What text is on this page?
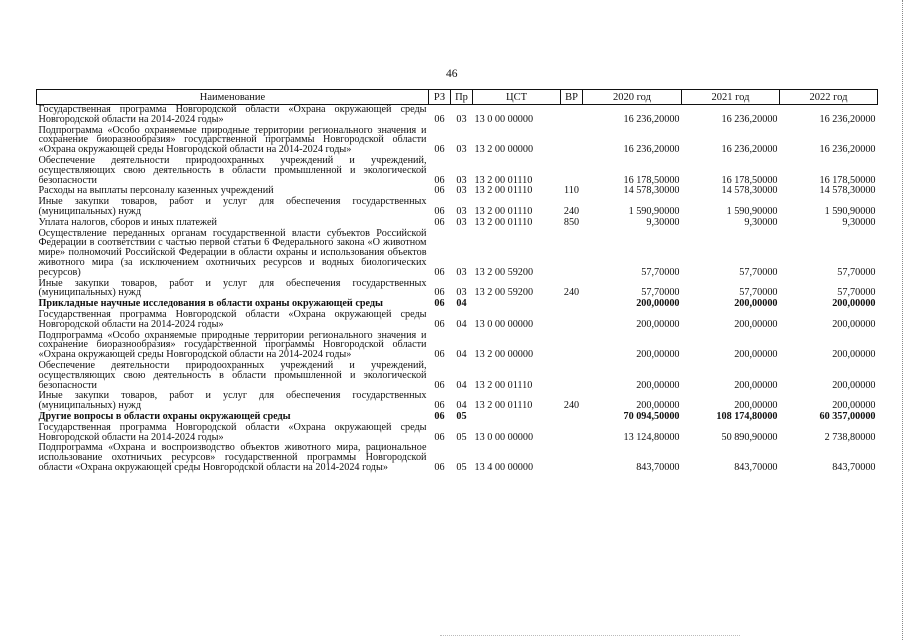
46
Наименование	РЗ	Пр	ЦСТ	ВР	2020 год	2021 год	2022 год
Государственная программа Новгородской области «Охрана окружающей среды Новгородской области на 2014-2024 годы»	06	03	13 0 00 00000		16 236,20000	16 236,20000	16 236,20000
Подпрограмма «Особо охраняемые природные территории регионального значения и сохранение биоразнообразия» государственной программы Новгородской области «Охрана окружающей среды Новгородской области на 2014-2024 годы»	06	03	13 2 00 00000		16 236,20000	16 236,20000	16 236,20000
Обеспечение деятельности природоохранных учреждений и учреждений, осуществляющих свою деятельность в области промышленной и экологической безопасности	06	03	13 2 00 01110		16 178,50000	16 178,50000	16 178,50000
Расходы на выплаты персоналу казенных учреждений	06	03	13 2 00 01110	110	14 578,30000	14 578,30000	14 578,30000
Иные закупки товаров, работ и услуг для обеспечения государственных (муниципальных) нужд	06	03	13 2 00 01110	240	1 590,90000	1 590,90000	1 590,90000
Уплата налогов, сборов и иных платежей	06	03	13 2 00 01110	850	9,30000	9,30000	9,30000
Осуществление переданных органам государственной власти субъектов Российской Федерации в соответствии с частью первой статьи 6 Федерального закона «О животном мире» полномочий Российской Федерации в области охраны и использования объектов животного мира (за исключением охотничьих ресурсов и водных биологических ресурсов)	06	03	13 2 00 59200		57,70000	57,70000	57,70000
Иные закупки товаров, работ и услуг для обеспечения государственных (муниципальных) нужд	06	03	13 2 00 59200	240	57,70000	57,70000	57,70000
Прикладные научные исследования в области охраны окружающей среды	06	04			200,00000	200,00000	200,00000
Государственная программа Новгородской области «Охрана окружающей среды Новгородской области на 2014-2024 годы»	06	04	13 0 00 00000		200,00000	200,00000	200,00000
Подпрограмма «Особо охраняемые природные территории регионального значения и сохранение биоразнообразия» государственной программы Новгородской области «Охрана окружающей среды Новгородской области на 2014-2024 годы»	06	04	13 2 00 00000		200,00000	200,00000	200,00000
Обеспечение деятельности природоохранных учреждений и учреждений, осуществляющих свою деятельность в области промышленной и экологической безопасности	06	04	13 2 00 01110		200,00000	200,00000	200,00000
Иные закупки товаров, работ и услуг для обеспечения государственных (муниципальных) нужд	06	04	13 2 00 01110	240	200,00000	200,00000	200,00000
Другие вопросы в области охраны окружающей среды	06	05			70 094,50000	108 174,80000	60 357,00000
Государственная программа Новгородской области «Охрана окружающей среды Новгородской области на 2014-2024 годы»	06	05	13 0 00 00000		13 124,80000	50 890,90000	2 738,80000
Подпрограмма «Охрана и воспроизводство объектов животного мира, рациональное использование охотничьих ресурсов» государственной программы Новгородской области «Охрана окружающей среды Новгородской области на 2014-2024 годы»	06	05	13 4 00 00000		843,70000	843,70000	843,70000
